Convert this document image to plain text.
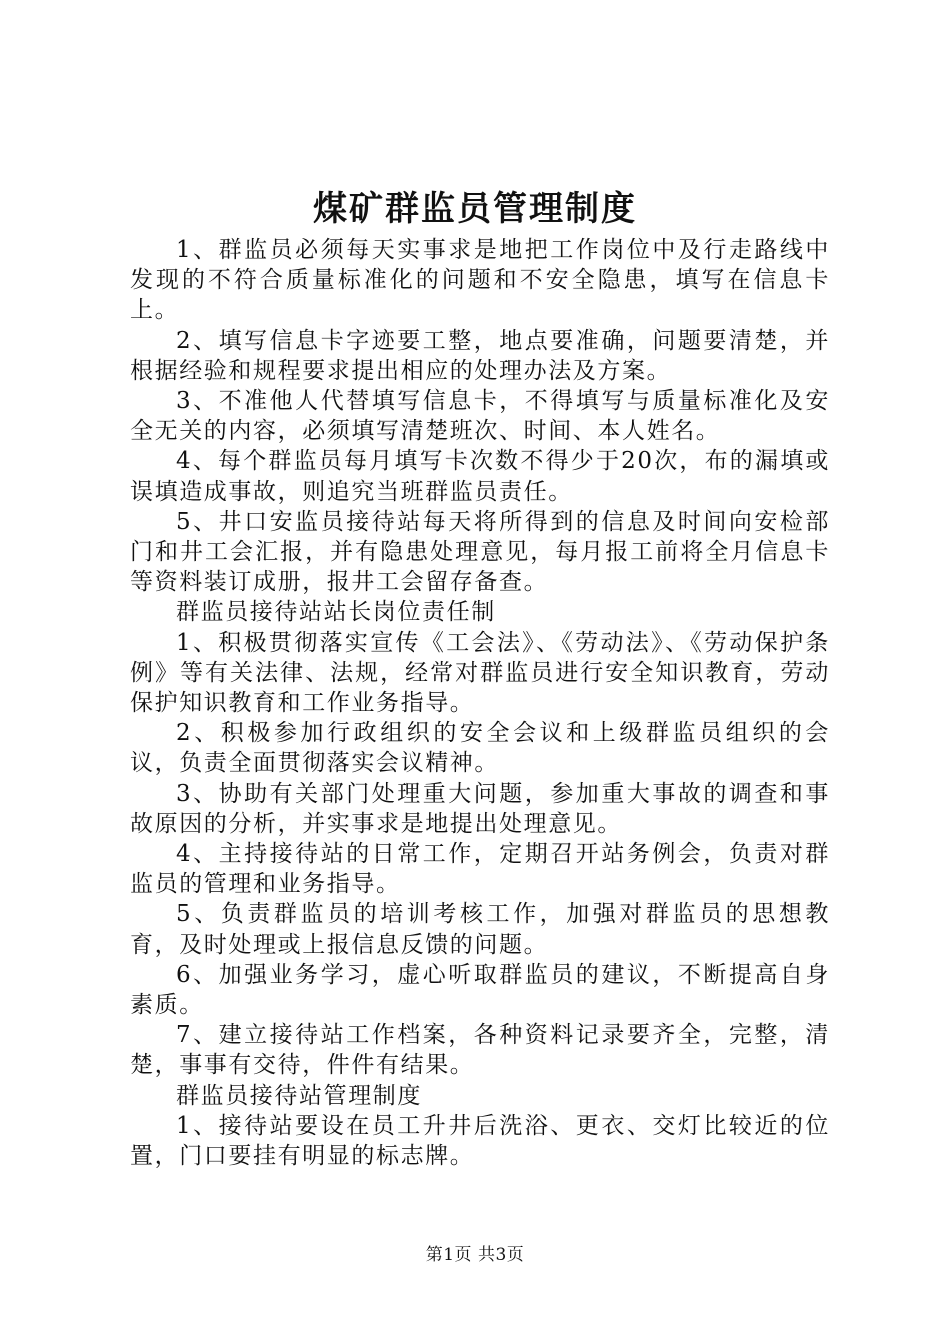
煤矿群监员管理制度

1、群监员必须每天实事求是地把工作岗位中及行走路线中发现的不符合质量标准化的问题和不安全隐患，填写在信息卡上。

2、填写信息卡字迹要工整，地点要准确，问题要清楚，并根据经验和规程要求提出相应的处理办法及方案。

3、不准他人代替填写信息卡，不得填写与质量标准化及安全无关的内容，必须填写清楚班次、时间、本人姓名。

4、每个群监员每月填写卡次数不得少于20次，布的漏填或误填造成事故，则追究当班群监员责任。

5、井口安监员接待站每天将所得到的信息及时间向安检部门和井工会汇报，并有隐患处理意见，每月报工前将全月信息卡等资料装订成册，报井工会留存备查。

群监员接待站站长岗位责任制

1、积极贯彻落实宣传《工会法》、《劳动法》、《劳动保护条例》等有关法律、法规，经常对群监员进行安全知识教育，劳动保护知识教育和工作业务指导。

2、积极参加行政组织的安全会议和上级群监员组织的会议，负责全面贯彻落实会议精神。

3、协助有关部门处理重大问题，参加重大事故的调查和事故原因的分析，并实事求是地提出处理意见。

4、主持接待站的日常工作，定期召开站务例会，负责对群监员的管理和业务指导。

5、负责群监员的培训考核工作，加强对群监员的思想教育，及时处理或上报信息反馈的问题。

6、加强业务学习，虚心听取群监员的建议，不断提高自身素质。

7、建立接待站工作档案，各种资料记录要齐全，完整，清楚，事事有交待，件件有结果。

群监员接待站管理制度

1、接待站要设在员工升井后洗浴、更衣、交灯比较近的位置，门口要挂有明显的标志牌。

第1页 共3页
